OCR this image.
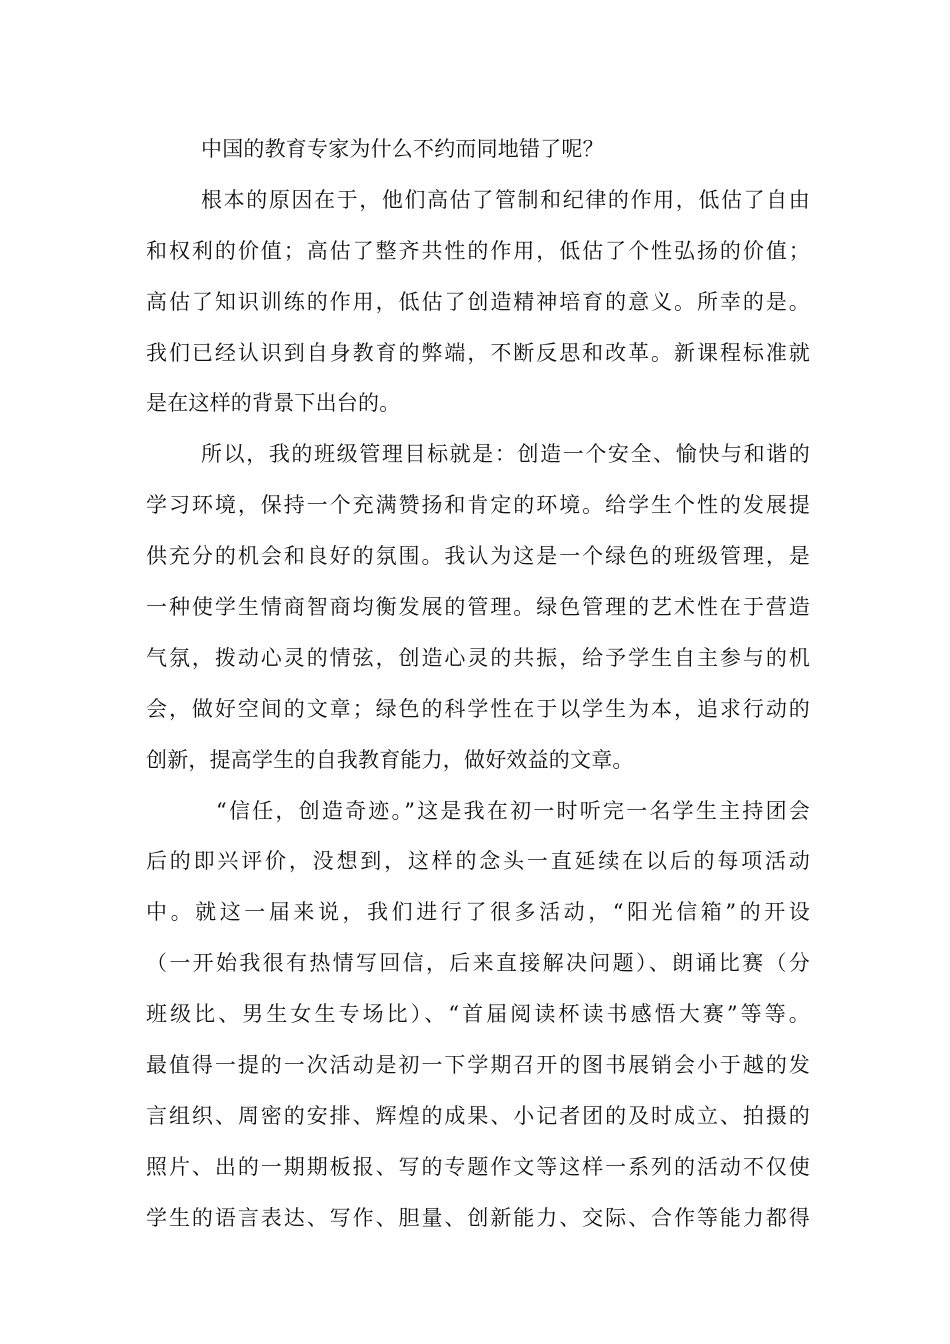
中国的教育专家为什么不约而同地错了呢？
根本的原因在于，他们高估了管制和纪律的作用，低估了自由
和权利的价值；高估了整齐共性的作用，低估了个性弘扬的价值；
高估了知识训练的作用，低估了创造精神培育的意义。所幸的是。
我们已经认识到自身教育的弊端，不断反思和改革。新课程标准就
是在这样的背景下出台的。
所以，我的班级管理目标就是：创造一个安全、愉快与和谐的
学习环境，保持一个充满赞扬和肯定的环境。给学生个性的发展提
供充分的机会和良好的氛围。我认为这是一个绿色的班级管理，是
一种使学生情商智商均衡发展的管理。绿色管理的艺术性在于营造
气氛，拨动心灵的情弦，创造心灵的共振，给予学生自主参与的机
会，做好空间的文章；绿色的科学性在于以学生为本，追求行动的
创新，提高学生的自我教育能力，做好效益的文章。
“信任，创造奇迹。”这是我在初一时听完一名学生主持团会
后的即兴评价，没想到，这样的念头一直延续在以后的每项活动
中。就这一届来说，我们进行了很多活动，“阳光信箱”的开设
（一开始我很有热情写回信，后来直接解决问题）、朗诵比赛（分
班级比、男生女生专场比）、“首届阅读杯读书感悟大赛”等等。
最值得一提的一次活动是初一下学期召开的图书展销会小于越的发
言组织、周密的安排、辉煌的成果、小记者团的及时成立、拍摄的
照片、出的一期期板报、写的专题作文等这样一系列的活动不仅使
学生的语言表达、写作、胆量、创新能力、交际、合作等能力都得
